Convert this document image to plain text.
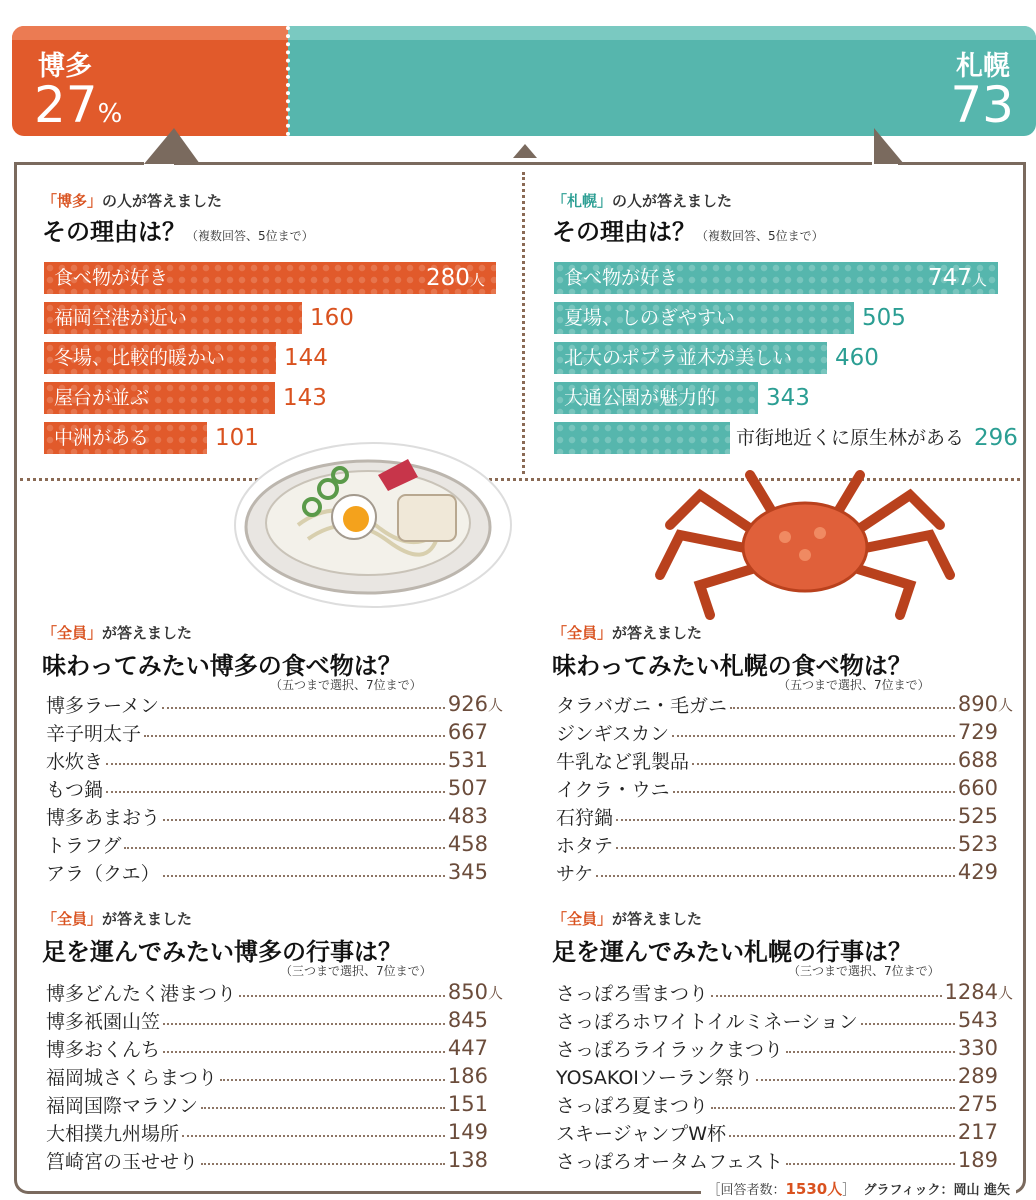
博多
27%
札幌
73
「博多」の人が答えました
その理由は？（複数回答、5位まで）
食べ物が好き	280人
福岡空港が近い	160
冬場、比較的暖かい	144
屋台が並ぶ	143
中洲がある	101
「札幌」の人が答えました
その理由は？（複数回答、5位まで）
食べ物が好き	747人
夏場、しのぎやすい	505
北大のポプラ並木が美しい 460
大通公園が魅力的 343
市街地近くに原生林がある 296
「全員」が答えました
味わってみたい博多の食べ物は？
（五つまで選択、7位まで）
博多ラーメン	926 人
辛子明太子	667
水炊き	531
もつ鍋	507
博多あまおう	483
トラフグ	458
アラ（クエ）	345
「全員」が答えました
味わってみたい札幌の食べ物は？
（五つまで選択、7位まで）
タラバガニ・毛ガニ	890 人
ジンギスカン	729
牛乳など乳製品	688
イクラ・ウニ	660
石狩鍋	525
ホタテ	523
サケ	429
「全員」が答えました
足を運んでみたい博多の行事は？
（三つまで選択、7位まで）
博多どんたく港まつり	850 人
博多祇園山笠	845
博多おくんち	447
福岡城さくらまつり	186
福岡国際マラソン	151
大相撲九州場所	149
筥崎宮の玉せせり	138
「全員」が答えました
足を運んでみたい札幌の行事は？
（三つまで選択、7位まで）
さっぽろ雪まつり	1284 人
さっぽろホワイトイルミネーション	543
さっぽろライラックまつり	330
YOSAKOIソーラン祭り	289
さっぽろ夏まつり	275
スキージャンプW杯	217
さっぽろオータムフェスト	189
［回答者数：1530人］ グラフィック：岡山 進矢
